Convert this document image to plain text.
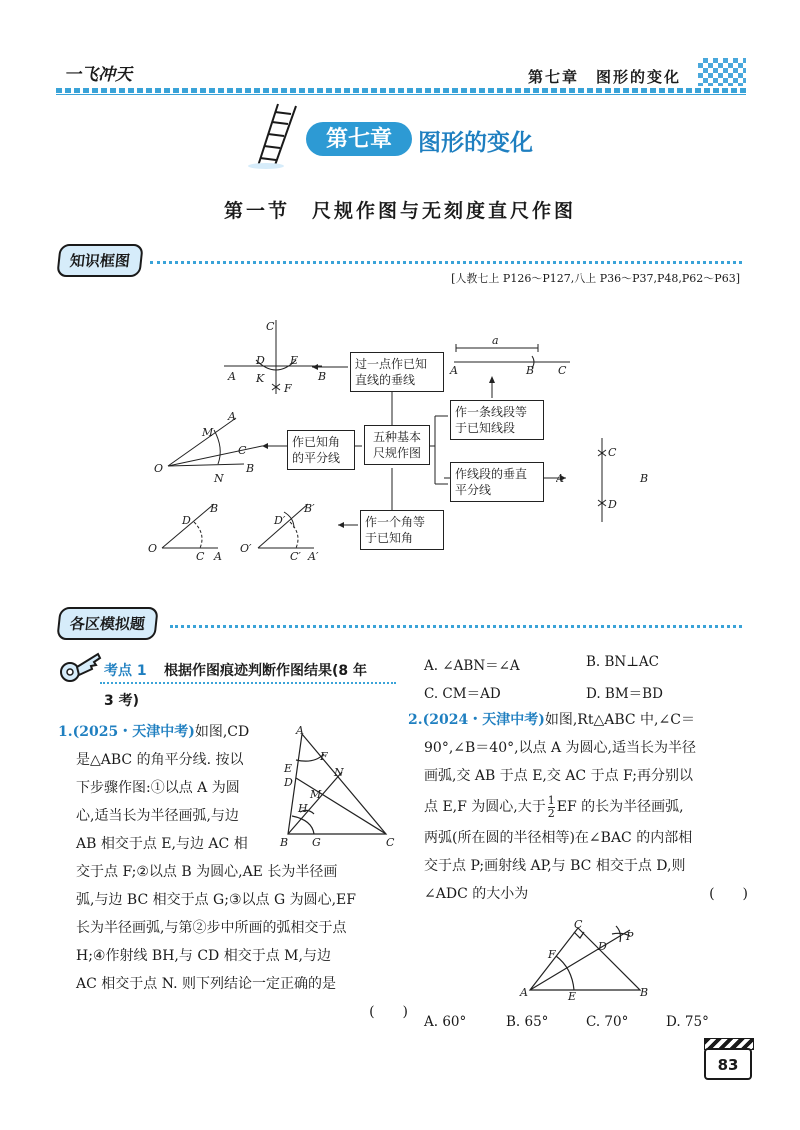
一飞冲天	第七章　图形的变化
第七章	图形的变化
第一节　尺规作图与无刻度直尺作图
知识框图
[人教七上 P126～P127,八上 P36～P37,P48,P62～P63]
五种基本
尺规作图
过一点作已知
直线的垂线
作一条线段等
于已知线段
作已知角
的平分线
作线段的垂直
平分线
作一个角等
于已知角
C
D E
A K	B
F
a
A	B C
A
M
C
O	B
N
C
A	B
D
B
D
O
C A
B′
D′
O′
C′ A′
各区模拟题
考点 1 根据作图痕迹判断作图结果(8 年
3 考)
1.(2025・天津中考)如图,CD
是△ABC 的角平分线. 按以
下步骤作图:①以点 A 为圆
心,适当长为半径画弧,与边
AB 相交于点 E,与边 AC 相
交于点 F;②以点 B 为圆心,AE 长为半径画
弧,与边 BC 相交于点 G;③以点 G 为圆心,EF
长为半径画弧,与第②步中所画的弧相交于点
H;④作射线 BH,与 CD 相交于点 M,与边
AC 相交于点 N. 则下列结论一定正确的是
(　　)
A
F
N
E
D
M
H
B G	C
A. ∠ABN＝∠A	B. BN⊥AC
C. CM＝AD	D. BM＝BD
2.(2024・天津中考)如图,Rt△ABC 中,∠C＝
90°,∠B＝40°,以点 A 为圆心,适当长为半径
画弧,交 AB 于点 E,交 AC 于点 F;再分别以
点 E,F 为圆心,大于 $\frac{1}{2}$ EF 的长为半径画弧,
两弧(所在圆的半径相等)在∠BAC 的内部相
交于点 P;画射线 AP,与 BC 相交于点 D,则
∠ADC 的大小为	(　　)
C
D
P
F
A	E	B
A. 60°	B. 65°	C. 70°	D. 75°
83
